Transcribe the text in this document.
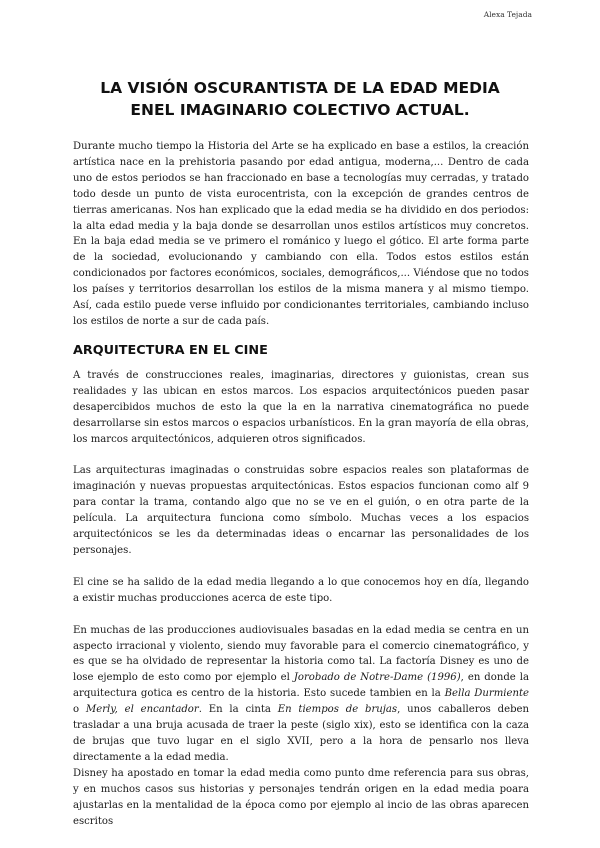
Alexa Tejada
LA VISIÓN OSCURANTISTA DE LA EDAD MEDIA
ENEL IMAGINARIO COLECTIVO ACTUAL.

Durante mucho tiempo la Historia del Arte se ha explicado en base a estilos, la creación artística nace en la prehistoria pasando por edad antigua, moderna,... Dentro de cada uno de estos periodos se han fraccionado en base a tecnologías muy cerradas, y tratado todo desde un punto de vista eurocentrista, con la excepción de grandes centros de tierras americanas. Nos han explicado que la edad media se ha dividido en dos periodos: la alta edad media y la baja donde se desarrollan unos estilos artísticos muy concretos. En la baja edad media se ve primero el románico y luego el gótico. El arte forma parte de la sociedad, evolucionando y cambiando con ella. Todos estos estilos están condicionados por factores económicos, sociales, demográficos,... Viéndose que no todos los países y territorios desarrollan los estilos de la misma manera y al mismo tiempo. Así, cada estilo puede verse influido por condicionantes territoriales, cambiando incluso los estilos de norte a sur de cada país.

ARQUITECTURA EN EL CINE

A través de construcciones reales, imaginarias, directores y guionistas, crean sus realidades y las ubican en estos marcos. Los espacios arquitectónicos pueden pasar desapercibidos muchos de esto la que la en la narrativa cinematográfica no puede desarrollarse sin estos marcos o espacios urbanísticos. En la gran mayoría de ella obras, los marcos arquitectónicos, adquieren otros significados.

Las arquitecturas imaginadas o construidas sobre espacios reales son plataformas de imaginación y nuevas propuestas arquitectónicas. Estos espacios funcionan como alf 9 para contar la trama, contando algo que no se ve en el guión, o en otra parte de la película. La arquitectura funciona como símbolo. Muchas veces a los espacios arquitectónicos se les da determinadas ideas o encarnar las personalidades de los personajes.

El cine se ha salido de la edad media llegando a lo que conocemos hoy en día, llegando a existir muchas producciones acerca de este tipo.

En muchas de las producciones audiovisuales basadas en la edad media se centra en un aspecto irracional y violento, siendo muy favorable para el comercio cinematográfico, y es que se ha olvidado de representar la historia como tal. La factoría Disney es uno de lose ejemplo de esto como por ejemplo el Jorobado de Notre-Dame (1996), en donde la arquitectura gotica es centro de la historia. Esto sucede tambien en la Bella Durmiente o Merly, el encantador. En la cinta En tiempos de brujas, unos caballeros deben trasladar a una bruja acusada de traer la peste (siglo xix), esto se identifica con la caza de brujas que tuvo lugar en el siglo XVII, pero a la hora de pensarlo nos lleva directamente a la edad media.

Disney ha apostado en tomar la edad media como punto dme referencia para sus obras, y en muchos casos sus historias y personajes tendrán origen en la edad media poara ajustarlas en la mentalidad de la época como por ejemplo al incio de las obras aparecen escritos
